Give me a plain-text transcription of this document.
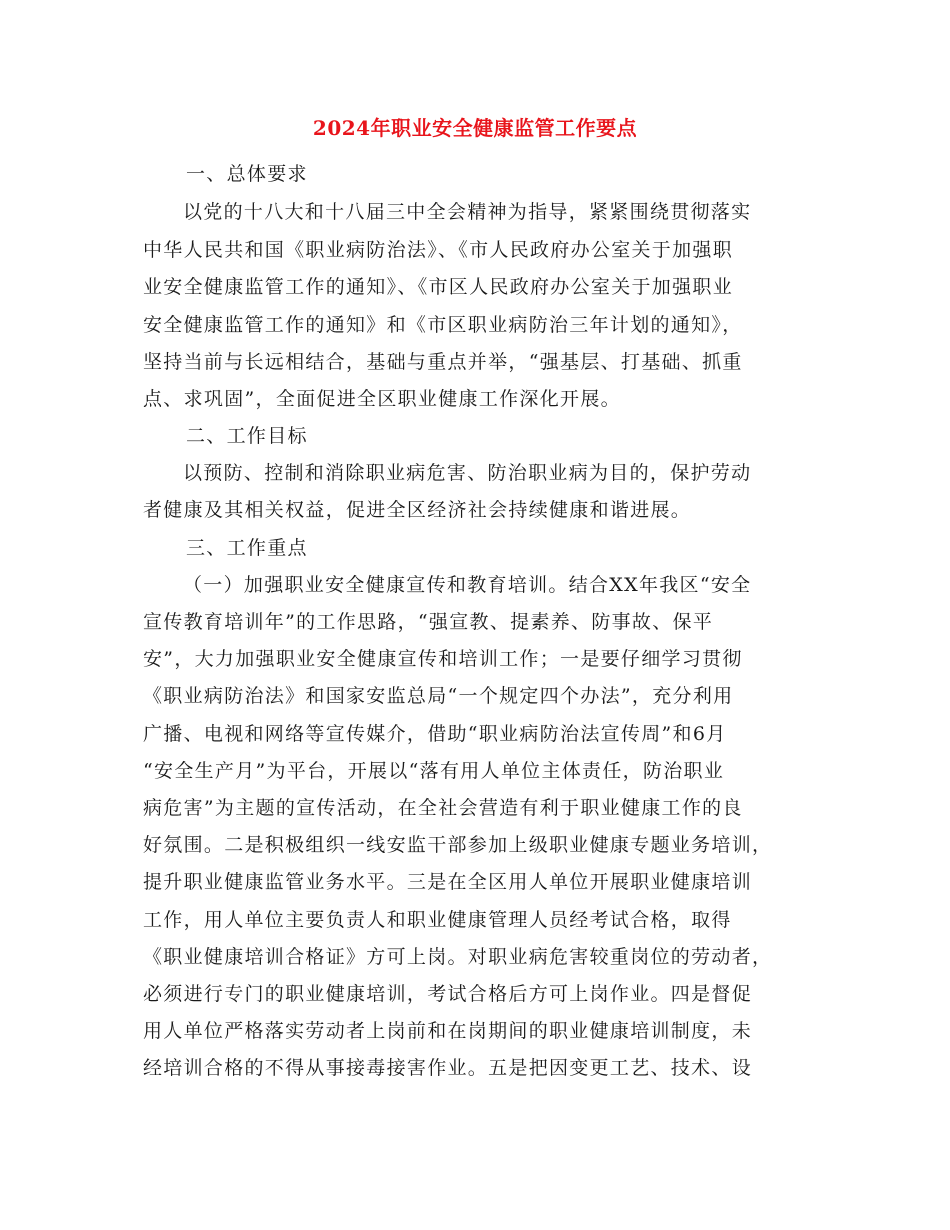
2024年职业安全健康监管工作要点
一、总体要求
以党的十八大和十八届三中全会精神为指导，紧紧围绕贯彻落实
中华人民共和国《职业病防治法》、《市人民政府办公室关于加强职
业安全健康监管工作的通知》、《市区人民政府办公室关于加强职业
安全健康监管工作的通知》和《市区职业病防治三年计划的通知》，
坚持当前与长远相结合，基础与重点并举，“强基层、打基础、抓重
点、求巩固”，全面促进全区职业健康工作深化开展。
二、工作目标
以预防、控制和消除职业病危害、防治职业病为目的，保护劳动
者健康及其相关权益，促进全区经济社会持续健康和谐进展。
三、工作重点
（一）加强职业安全健康宣传和教育培训。结合XX年我区“安全
宣传教育培训年”的工作思路，“强宣教、提素养、防事故、保平
安”，大力加强职业安全健康宣传和培训工作；一是要仔细学习贯彻
《职业病防治法》和国家安监总局“一个规定四个办法”，充分利用
广播、电视和网络等宣传媒介，借助“职业病防治法宣传周”和6月
“安全生产月”为平台，开展以“落有用人单位主体责任，防治职业
病危害”为主题的宣传活动，在全社会营造有利于职业健康工作的良
好氛围。二是积极组织一线安监干部参加上级职业健康专题业务培训，
提升职业健康监管业务水平。三是在全区用人单位开展职业健康培训
工作，用人单位主要负责人和职业健康管理人员经考试合格，取得
《职业健康培训合格证》方可上岗。对职业病危害较重岗位的劳动者，
必须进行专门的职业健康培训，考试合格后方可上岗作业。四是督促
用人单位严格落实劳动者上岗前和在岗期间的职业健康培训制度，未
经培训合格的不得从事接毒接害作业。五是把因变更工艺、技术、设
